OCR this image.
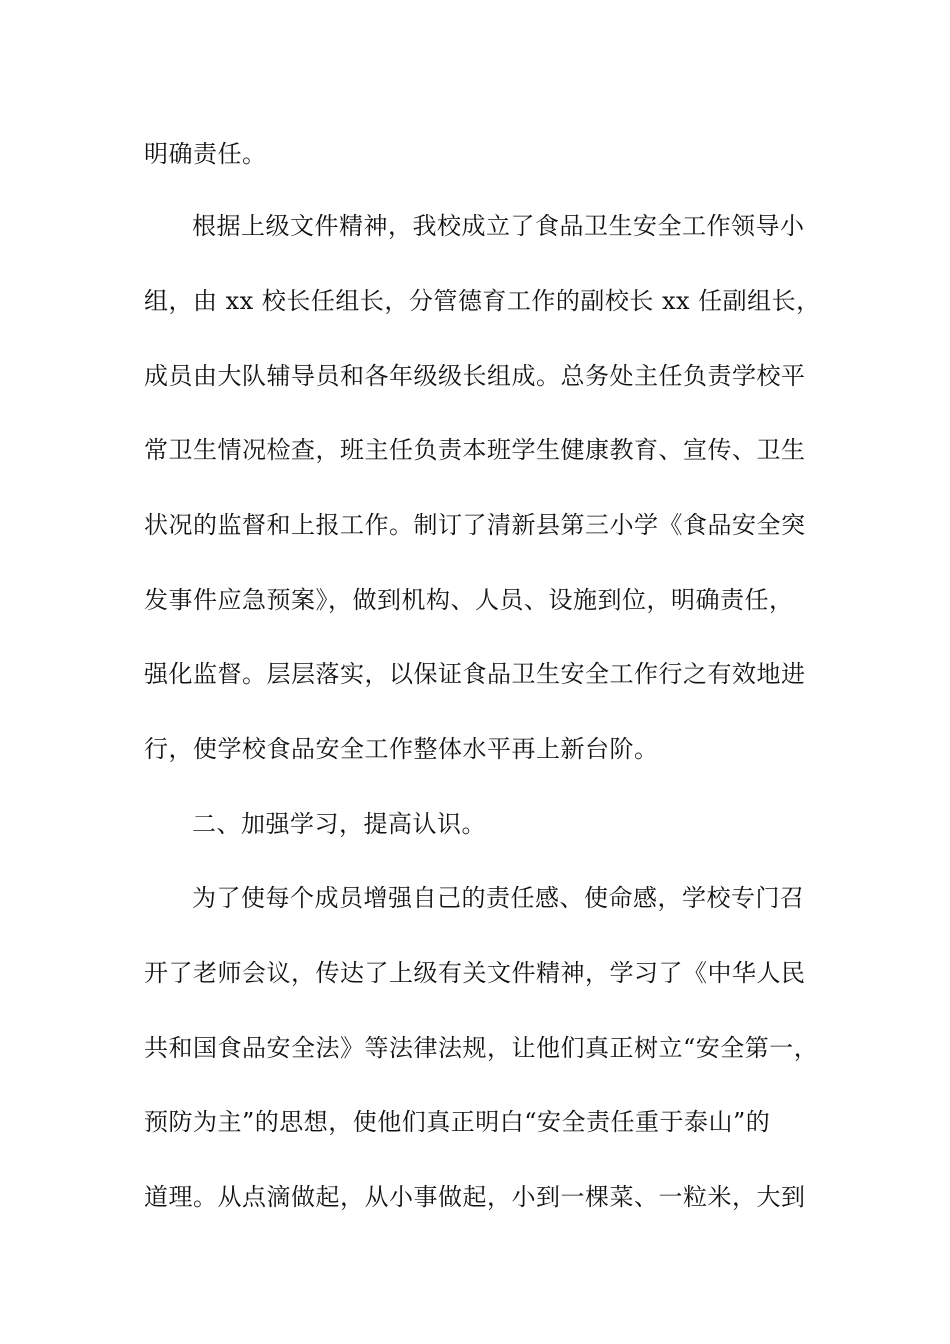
明确责任。
根据上级文件精神，我校成立了食品卫生安全工作领导小
组，由 xx 校长任组长，分管德育工作的副校长 xx 任副组长，
成员由大队辅导员和各年级级长组成。总务处主任负责学校平
常卫生情况检查，班主任负责本班学生健康教育、宣传、卫生
状况的监督和上报工作。制订了清新县第三小学《食品安全突
发事件应急预案》，做到机构、人员、设施到位，明确责任，
强化监督。层层落实，以保证食品卫生安全工作行之有效地进
行，使学校食品安全工作整体水平再上新台阶。
二、加强学习，提高认识。
为了使每个成员增强自己的责任感、使命感，学校专门召
开了老师会议，传达了上级有关文件精神，学习了《中华人民
共和国食品安全法》等法律法规，让他们真正树立“安全第一，
预防为主”的思想，使他们真正明白“安全责任重于泰山”的
道理。从点滴做起，从小事做起，小到一棵菜、一粒米，大到
